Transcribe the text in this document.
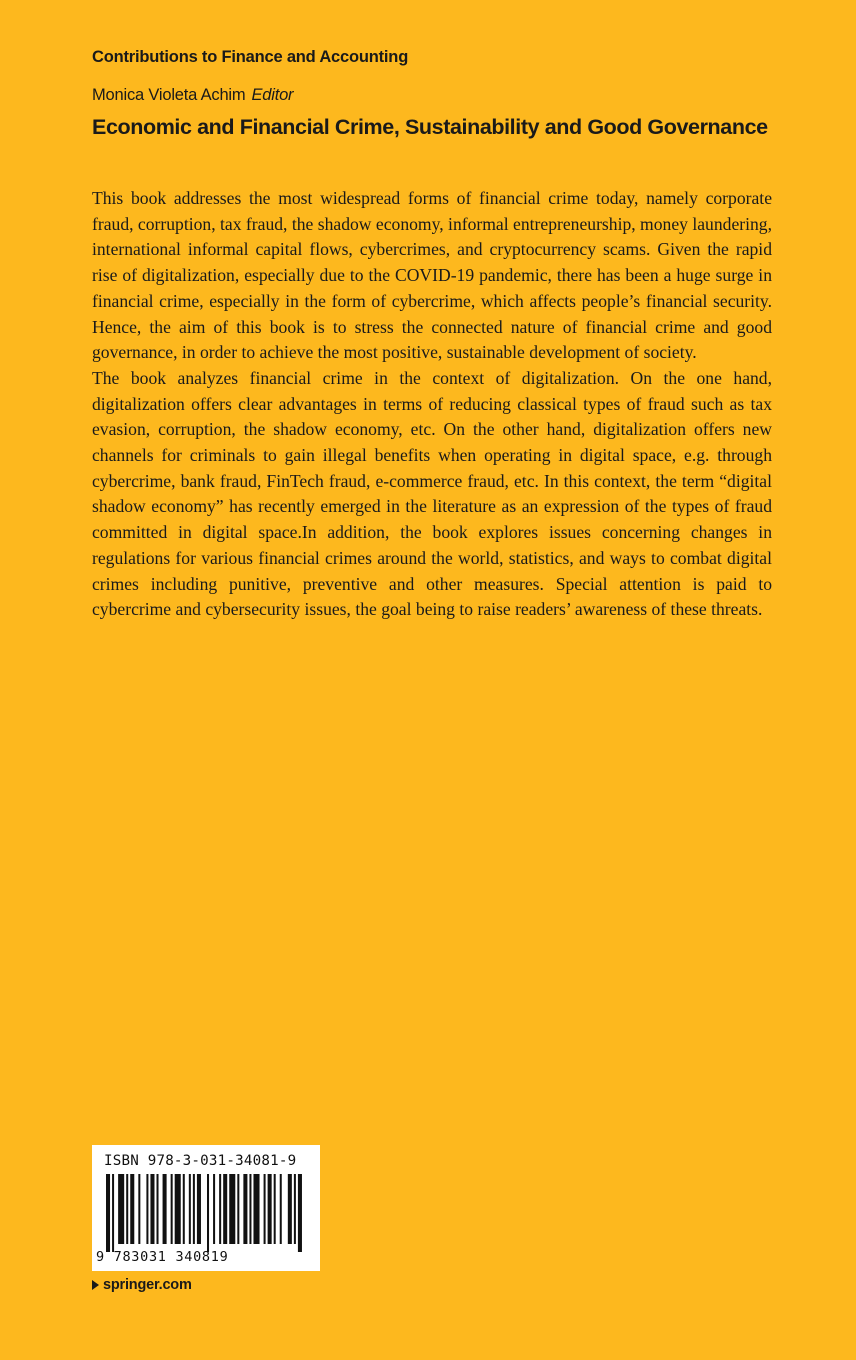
Contributions to Finance and Accounting
Monica Violeta Achim Editor
Economic and Financial Crime, Sustainability and Good Governance

This book addresses the most widespread forms of financial crime today, namely corporate fraud, corruption, tax fraud, the shadow economy, informal entrepreneurship, money laundering, international informal capital flows, cybercrimes, and cryptocurrency scams. Given the rapid rise of digitalization, especially due to the COVID-19 pandemic, there has been a huge surge in financial crime, especially in the form of cybercrime, which affects people’s financial security. Hence, the aim of this book is to stress the connected nature of financial crime and good governance, in order to achieve the most positive, sustainable development of society.

The book analyzes financial crime in the context of digitalization. On the one hand, digitalization offers clear advantages in terms of reducing classical types of fraud such as tax evasion, corruption, the shadow economy, etc. On the other hand, digitalization offers new channels for criminals to gain illegal benefits when operating in digital space, e.g. through cybercrime, bank fraud, FinTech fraud, e-commerce fraud, etc. In this context, the term “digital shadow economy” has recently emerged in the literature as an expression of the types of fraud committed in digital space.In addition, the book explores issues concerning changes in regulations for various financial crimes around the world, statistics, and ways to combat digital crimes including punitive, preventive and other measures. Special attention is paid to cybercrime and cybersecurity issues, the goal being to raise readers’ awareness of these threats.

ISBN 978-3-031-34081-9
9 783031 340819
springer.com
